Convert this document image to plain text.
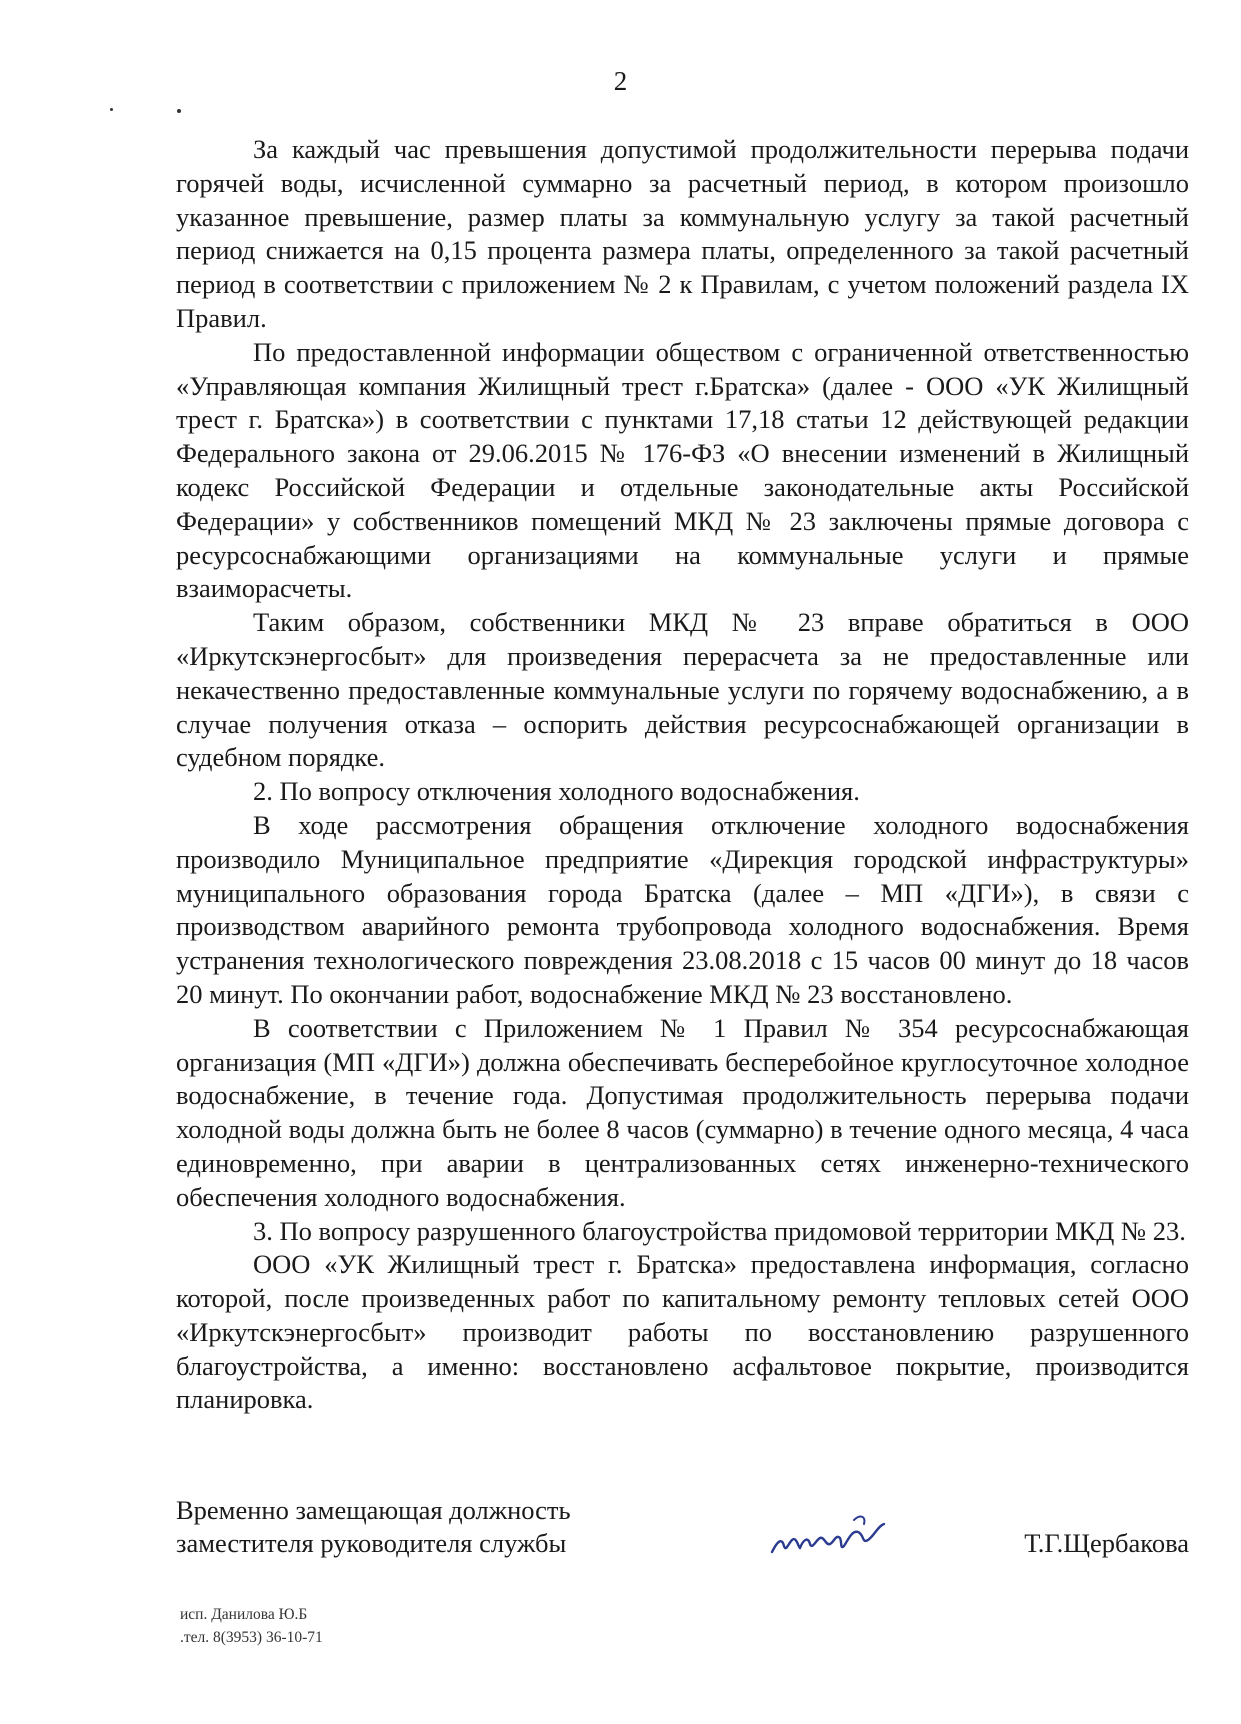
2

За каждый час превышения допустимой продолжительности перерыва подачи горячей воды, исчисленной суммарно за расчетный период, в котором произошло указанное превышение, размер платы за коммунальную услугу за такой расчетный период снижается на 0,15 процента размера платы, определенного за такой расчетный период в соответствии с приложением № 2 к Правилам, с учетом положений раздела IX Правил.

По предоставленной информации обществом с ограниченной ответственностью «Управляющая компания Жилищный трест г.Братска» (далее - ООО «УК Жилищный трест г. Братска») в соответствии с пунктами 17,18 статьи 12 действующей редакции Федерального закона от 29.06.2015 № 176-ФЗ «О внесении изменений в Жилищный кодекс Российской Федерации и отдельные законодательные акты Российской Федерации» у собственников помещений МКД № 23 заключены прямые договора с ресурсоснабжающими организациями на коммунальные услуги и прямые взаиморасчеты.

Таким образом, собственники МКД № 23 вправе обратиться в ООО «Иркутскэнергосбыт» для произведения перерасчета за не предоставленные или некачественно предоставленные коммунальные услуги по горячему водоснабжению, а в случае получения отказа – оспорить действия ресурсоснабжающей организации в судебном порядке.

2. По вопросу отключения холодного водоснабжения.

В ходе рассмотрения обращения отключение холодного водоснабжения производило Муниципальное предприятие «Дирекция городской инфраструктуры» муниципального образования города Братска (далее – МП «ДГИ»), в связи с производством аварийного ремонта трубопровода холодного водоснабжения. Время устранения технологического повреждения 23.08.2018 с 15 часов 00 минут до 18 часов 20 минут. По окончании работ, водоснабжение МКД № 23 восстановлено.

В соответствии с Приложением № 1 Правил № 354 ресурсоснабжающая организация (МП «ДГИ») должна обеспечивать бесперебойное круглосуточное холодное водоснабжение, в течение года. Допустимая продолжительность перерыва подачи холодной воды должна быть не более 8 часов (суммарно) в течение одного месяца, 4 часа единовременно, при аварии в централизованных сетях инженерно-технического обеспечения холодного водоснабжения.

3. По вопросу разрушенного благоустройства придомовой территории МКД № 23.

ООО «УК Жилищный трест г. Братска» предоставлена информация, согласно которой, после произведенных работ по капитальному ремонту тепловых сетей ООО «Иркутскэнергосбыт» производит работы по восстановлению разрушенного благоустройства, а именно: восстановлено асфальтовое покрытие, производится планировка.

Временно замещающая должность
заместителя руководителя службы	Т.Г.Щербакова
исп. Данилова Ю.Б
.тел. 8(3953) 36-10-71
